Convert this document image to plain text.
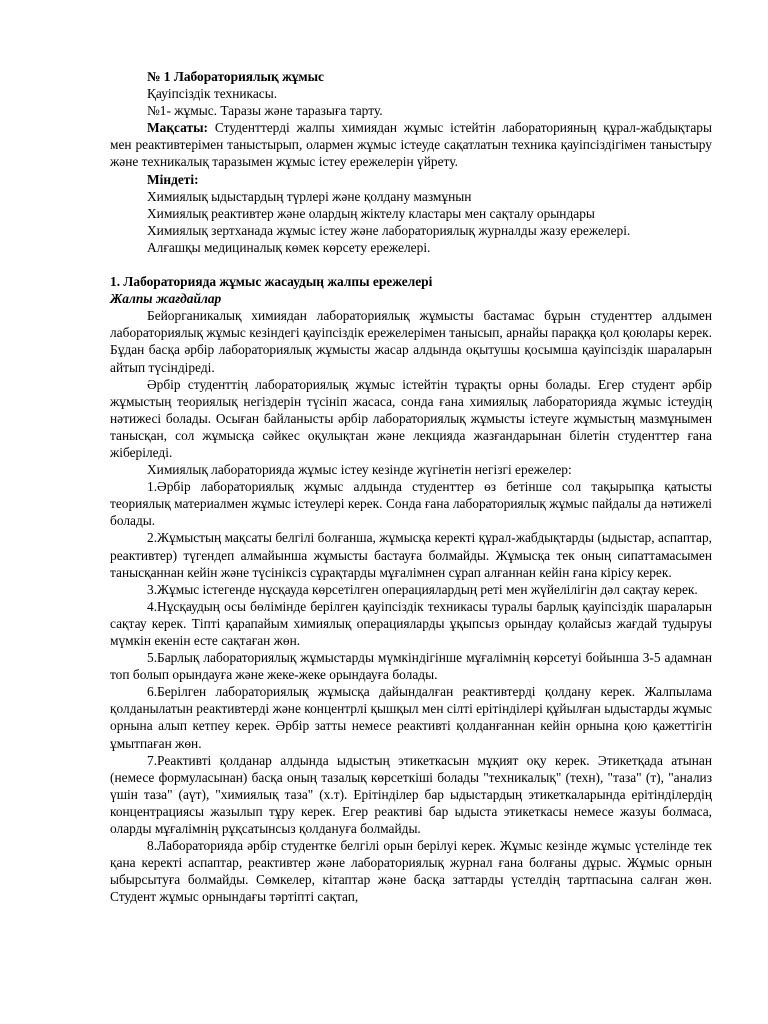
№ 1 Лабораториялық жұмыс

Қауіпсіздік техникасы.

№1- жұмыс. Таразы және таразыға тарту.

Мақсаты: Студенттерді жалпы химиядан жұмыс істейтін лабораторияның құрал-жабдықтары мен реактивтерімен таныстырып, олармен жұмыс істеуде сақатлатын техника қауіпсіздігімен таныстыру және техникалық таразымен жұмыс істеу ережелерін үйрету.

Міндеті:

Химиялық ыдыстардың түрлері және қолдану мазмұнын

Химиялық реактивтер және олардың жіктелу кластары мен сақталу орындары

Химиялық зертханада жұмыс істеу және лабораториялық журналды жазу ережелері.

Алғашқы медициналық көмек көрсету ережелері.

1. Лабораторияда жұмыс жасаудың жалпы ережелері

Жалпы жағдайлар

Бейорганикалық химиядан лабораториялық жұмысты бастамас бұрын студенттер алдымен лабораториялық жұмыс кезіндегі қауіпсіздік ережелерімен танысып, арнайы параққа қол қоюлары керек. Бұдан басқа әрбір лабораториялық жұмысты жасар алдында оқытушы қосымша қауіпсіздік шараларын айтып түсіндіреді.

Әрбір студенттің лабораториялық жұмыс істейтін тұрақты орны болады. Егер студент әрбір жұмыстың теориялық негіздерін түсініп жасаса, сонда ғана химиялық лабораторияда жұмыс істеудің нәтижесі болады. Осыған байланысты әрбір лабораториялық жұмысты істеуге жұмыстың мазмұнымен танысқан, сол жұмысқа сәйкес оқулықтан және лекцияда жазғандарынан білетін студенттер ғана жіберіледі.

Химиялық лабораторияда жұмыс істеу кезінде жүгінетін негізгі ережелер:

1.Әрбір лабораториялық жұмыс алдында студенттер өз бетінше сол тақырыпқа қатысты теориялық материалмен жұмыс істеулері керек. Сонда ғана лабораториялық жұмыс пайдалы да нәтижелі болады.

2.Жұмыстың мақсаты белгілі болғанша, жұмысқа керекті құрал-жабдықтарды (ыдыстар, аспаптар, реактивтер) түгендеп алмайынша жұмысты бастауға болмайды. Жұмысқа тек оның сипаттамасымен танысқаннан кейін және түсініксіз сұрақтарды мұғалімнен сұрап алғаннан кейін ғана кірісу керек.

3.Жұмыс істегенде нұсқауда көрсетілген операциялардың реті мен жүйелілігін дәл сақтау керек.

4.Нұсқаудың осы бөлімінде берілген қауіпсіздік техникасы туралы барлық қауіпсіздік шараларын сақтау керек. Тіпті қарапайым химиялық операцияларды ұқыпсыз орындау қолайсыз жағдай тудыруы мүмкін екенін есте сақтаған жөн.

5.Барлық лабораториялық жұмыстарды мүмкіндігінше мұғалімнің көрсетуі бойынша 3-5 адамнан топ болып орындауға және жеке-жеке орындауға болады.

6.Берілген лабораториялық жұмысқа дайындалған реактивтерді қолдану керек. Жалпылама қолданылатын реактивтерді және концентрлі қышқыл мен сілті ерітінділері құйылған ыдыстарды жұмыс орнына алып кетпеу керек. Әрбір затты немесе реактивті қолданғаннан кейін орнына қою қажеттігін ұмытпаған жөн.

7.Реактивті қолданар алдында ыдыстың этикеткасын мұқият оқу керек. Этикетқада атынан (немесе формуласынан) басқа оның тазалық көрсеткіші болады "техникалық" (техн), "таза" (т), "анализ үшін таза" (аүт), "химиялық таза" (х.т). Ерітінділер бар ыдыстардың этикеткаларында ерітінділердің концентрациясы жазылып тұру керек. Егер реактиві бар ыдыста этикеткасы немесе жазуы болмаса, оларды мұғалімнің рұқсатынсыз қолдануға болмайды.

8.Лабораторияда әрбір студентке белгілі орын берілуі керек. Жұмыс кезінде жұмыс үстелінде тек қана керекті аспаптар, реактивтер және лабораториялық журнал ғана болғаны дұрыс. Жұмыс орнын ыбырсытуға болмайды. Сөмкелер, кітаптар және басқа заттарды үстелдің тартпасына салған жөн. Студент жұмыс орнындағы тәртіпті сақтап,
